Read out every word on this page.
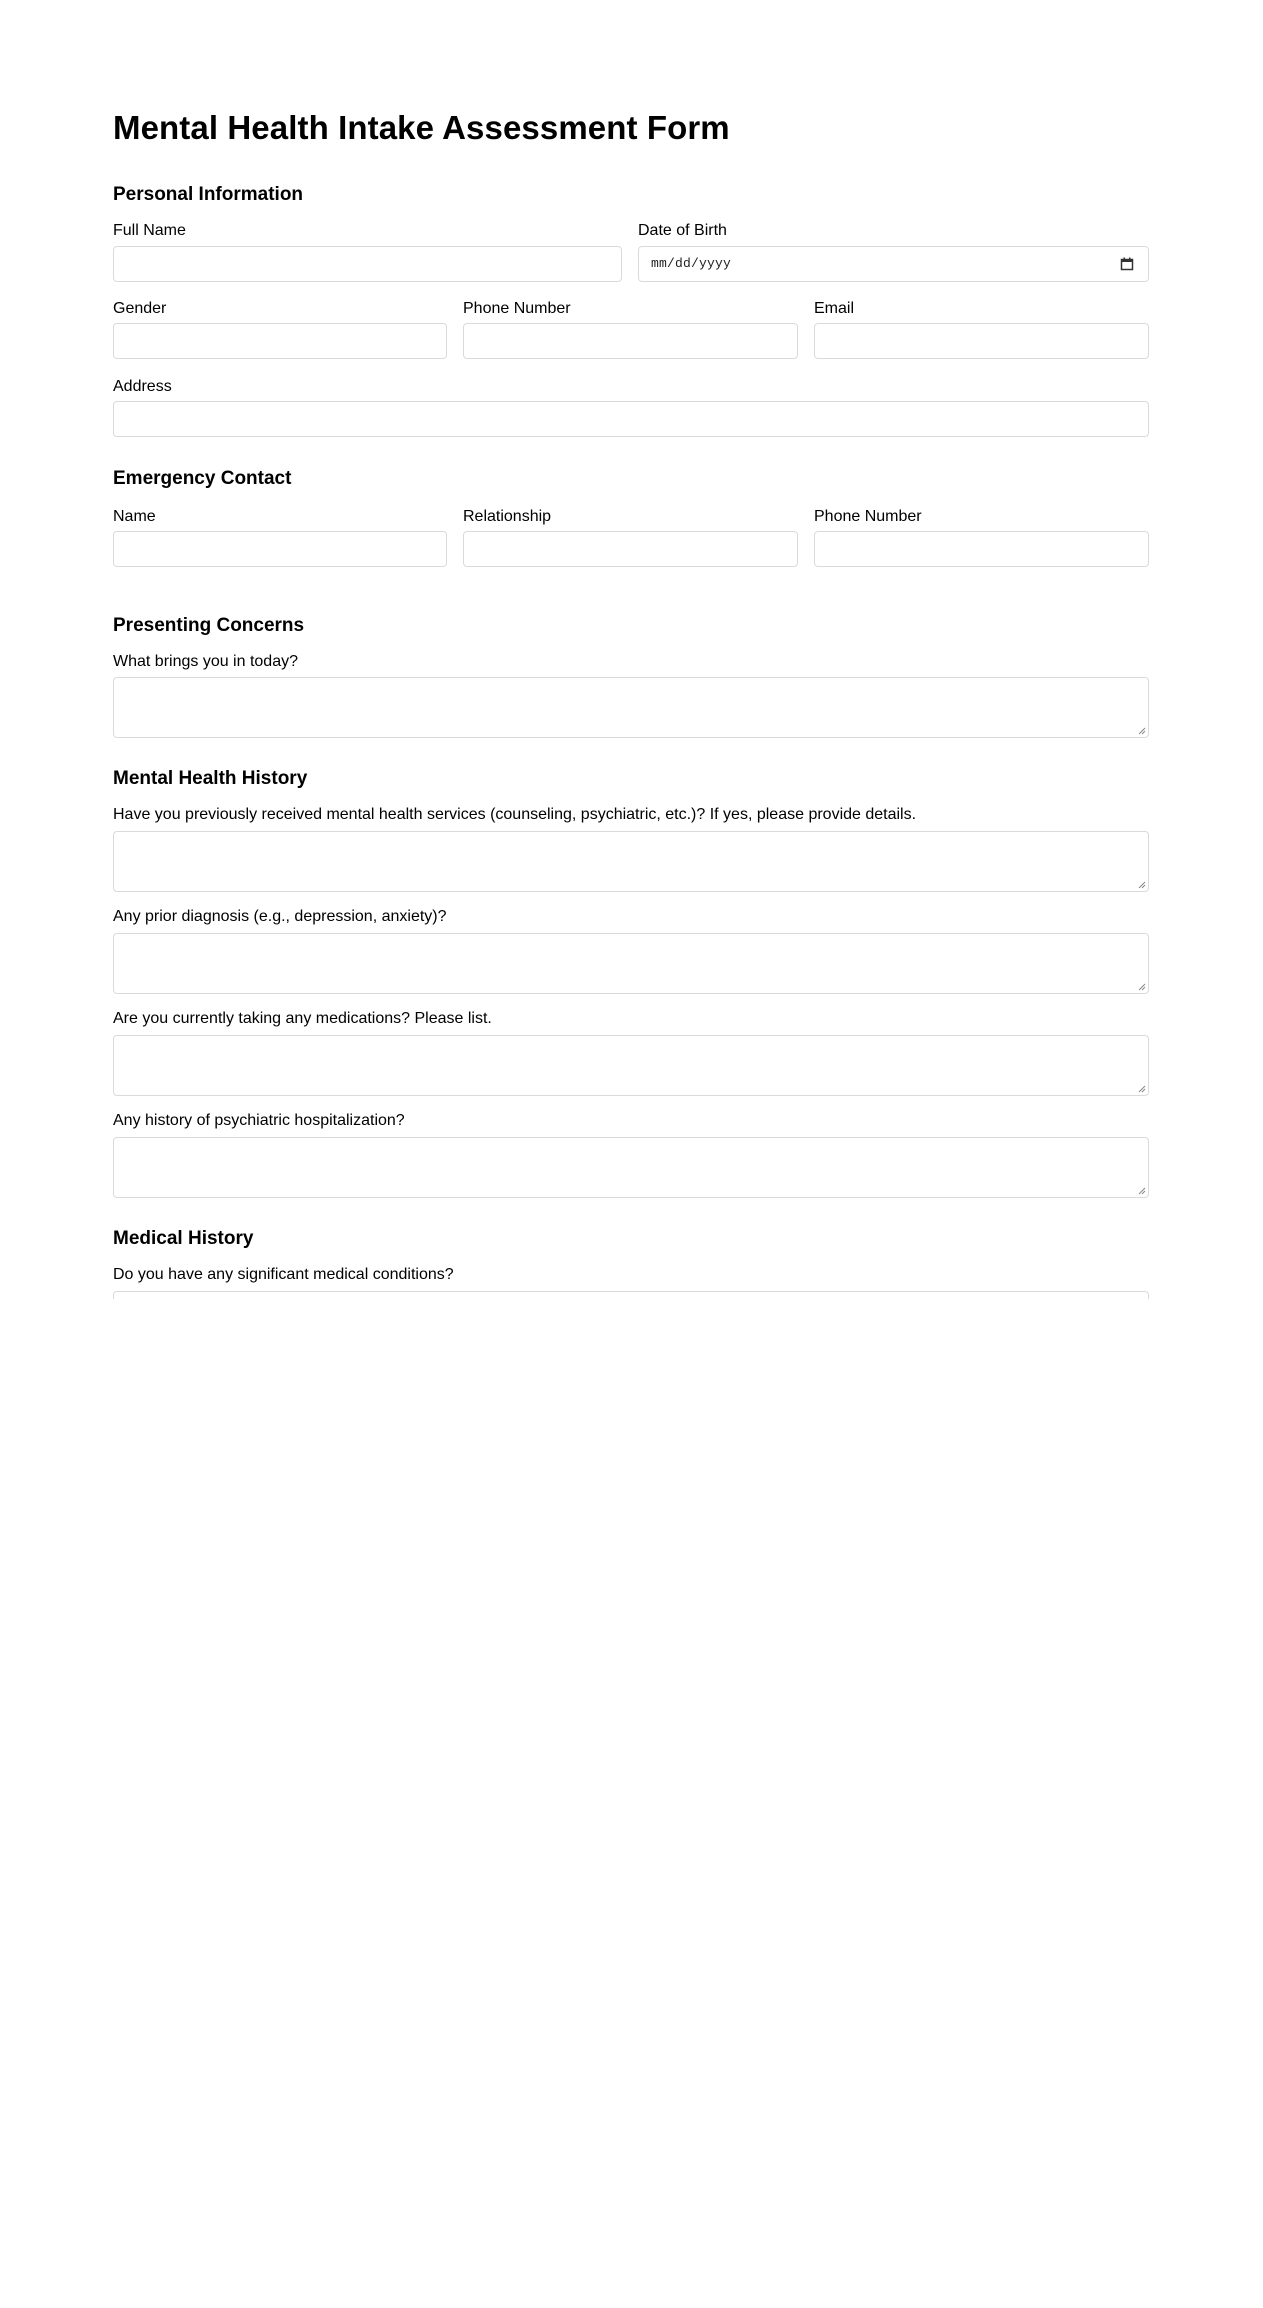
Mental Health Intake Assessment Form
Personal Information
Full Name	Date of Birth
mm/dd/yyyy
Gender	Phone Number	Email
Address
Emergency Contact
Name	Relationship	Phone Number
Presenting Concerns
What brings you in today?
Mental Health History
Have you previously received mental health services (counseling, psychiatric, etc.)? If yes, please provide details.
Any prior diagnosis (e.g., depression, anxiety)?
Are you currently taking any medications? Please list.
Any history of psychiatric hospitalization?
Medical History
Do you have any significant medical conditions?
